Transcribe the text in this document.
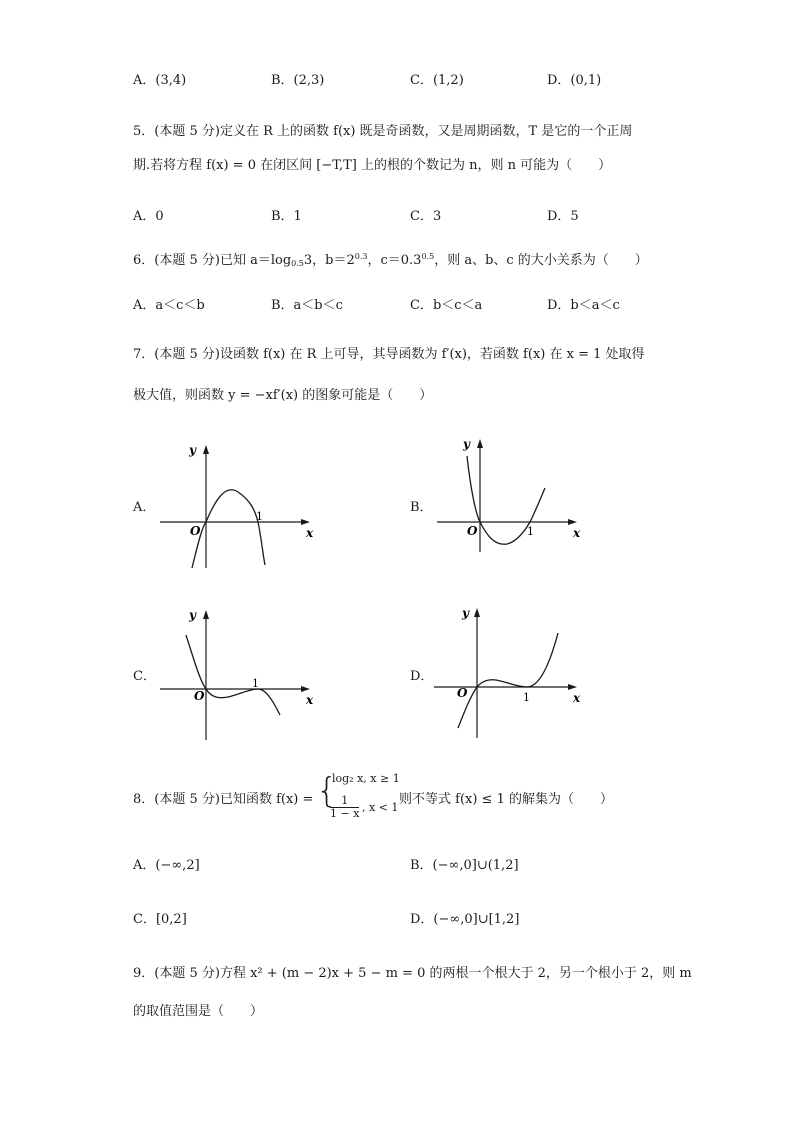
A．(3,4)	B．(2,3)	C．(1,2)	D．(0,1)
5．(本题 5 分)定义在 R 上的函数 f(x) 既是奇函数，又是周期函数，T 是它的一个正周
期.若将方程 f(x) = 0 在闭区间 [−T,T] 上的根的个数记为 n，则 n 可能为（　　）
A．0	B．1	C．3	D．5
6．(本题 5 分)已知 $a=\log_{0.5}3$，$b=2^{0.3}$，$c=0.3^{0.5}$，则 a、b、c 的大小关系为（　　）
A．a＜c＜b	B．a＜b＜c	C．b＜c＜a	D．b＜a＜c
7．(本题 5 分)设函数 f(x) 在 R 上可导，其导函数为 f′(x)，若函数 f(x) 在 x = 1 处取得
极大值，则函数 y = −xf′(x) 的图象可能是（　　）
A．	B．
C．	D．
y
x
O
1
y
x
O	1
y
x
O
1
y
x
O	1
8．(本题 5 分)已知函数 f(x) = {
log₂ x, x ≥ 1
$\frac{1}{1 - x}$ , x < 1
则不等式 f(x) ≤ 1 的解集为（　　）
A．(−∞,2]	B．(−∞,0]∪(1,2]
C．[0,2]	D．(−∞,0]∪[1,2]
9．(本题 5 分)方程 x² + (m − 2)x + 5 − m = 0 的两根一个根大于 2，另一个根小于 2，则 m
的取值范围是（　　）
